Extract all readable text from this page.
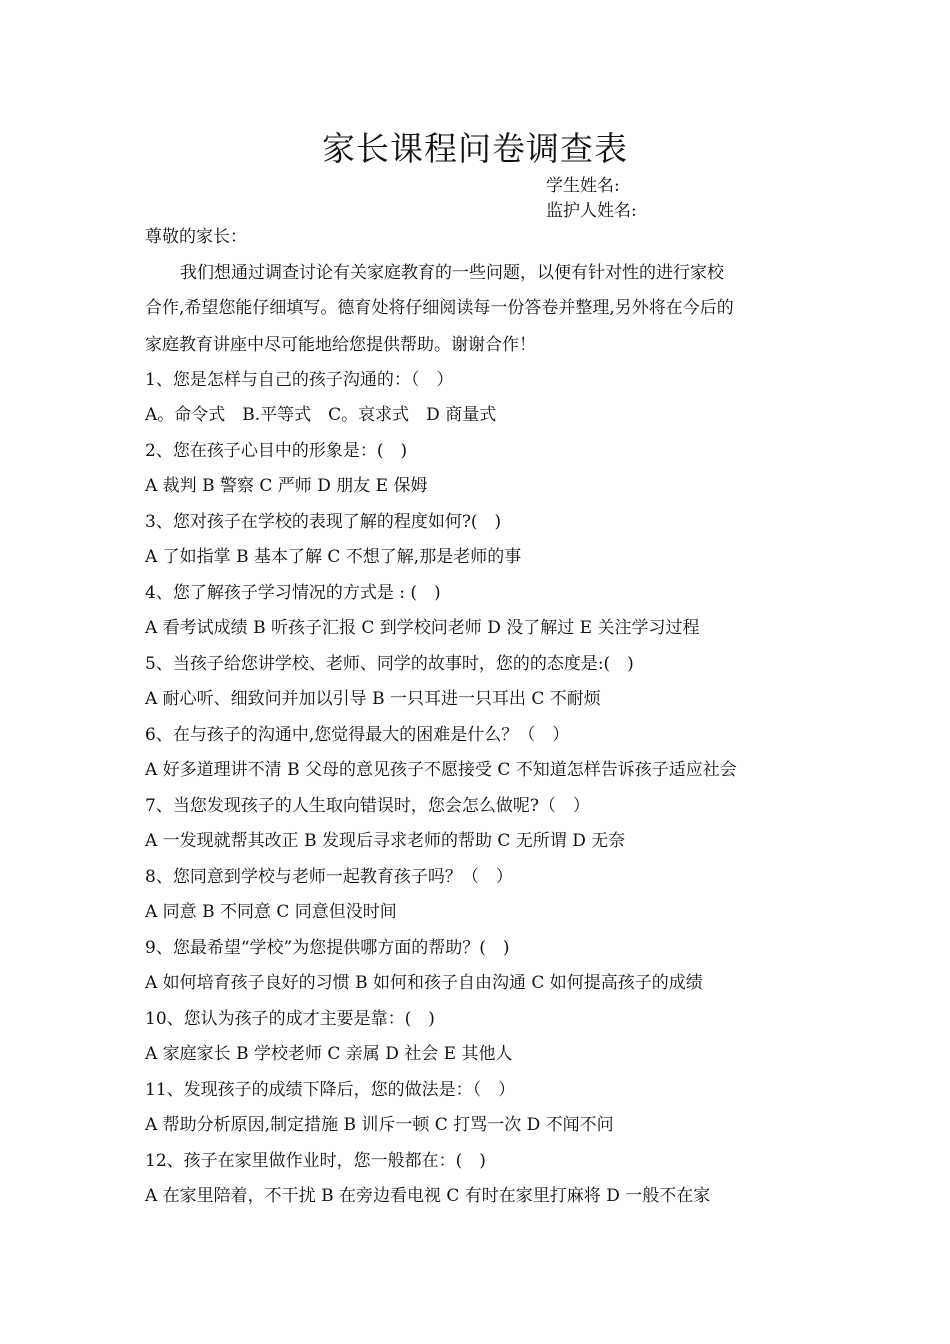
家长课程问卷调查表
学生姓名:
监护人姓名:
尊敬的家长：
我们想通过调查讨论有关家庭教育的一些问题，以便有针对性的进行家校
合作,希望您能仔细填写。德育处将仔细阅读每一份答卷并整理,另外将在今后的
家庭教育讲座中尽可能地给您提供帮助。谢谢合作！
1、您是怎样与自己的孩子沟通的：（　）
A。命令式　B.平等式　C。哀求式　D 商量式
2、您在孩子心目中的形象是：(　)
A 裁判 B 警察 C 严师 D 朋友 E 保姆
3、您对孩子在学校的表现了解的程度如何?(　)
A 了如指掌 B 基本了解 C 不想了解,那是老师的事
4、您了解孩子学习情况的方式是 : (　)
A 看考试成绩 B 听孩子汇报 C 到学校问老师 D 没了解过 E 关注学习过程
5、当孩子给您讲学校、老师、同学的故事时，您的的态度是:(　)
A 耐心听、细致问并加以引导 B 一只耳进一只耳出 C 不耐烦
6、在与孩子的沟通中,您觉得最大的困难是什么？（　）
A 好多道理讲不清 B 父母的意见孩子不愿接受 C 不知道怎样告诉孩子适应社会
7、当您发现孩子的人生取向错误时，您会怎么做呢?（　）
A 一发现就帮其改正 B 发现后寻求老师的帮助 C 无所谓 D 无奈
8、您同意到学校与老师一起教育孩子吗？（　）
A 同意 B 不同意 C 同意但没时间
9、您最希望“学校”为您提供哪方面的帮助？(　)
A 如何培育孩子良好的习惯 B 如何和孩子自由沟通 C 如何提高孩子的成绩
10、您认为孩子的成才主要是靠：(　)
A 家庭家长 B 学校老师 C 亲属 D 社会 E 其他人
11、发现孩子的成绩下降后，您的做法是：（　）
A 帮助分析原因,制定措施 B 训斥一顿 C 打骂一次 D 不闻不问
12、孩子在家里做作业时，您一般都在：(　)
A 在家里陪着，不干扰 B 在旁边看电视 C 有时在家里打麻将 D 一般不在家
